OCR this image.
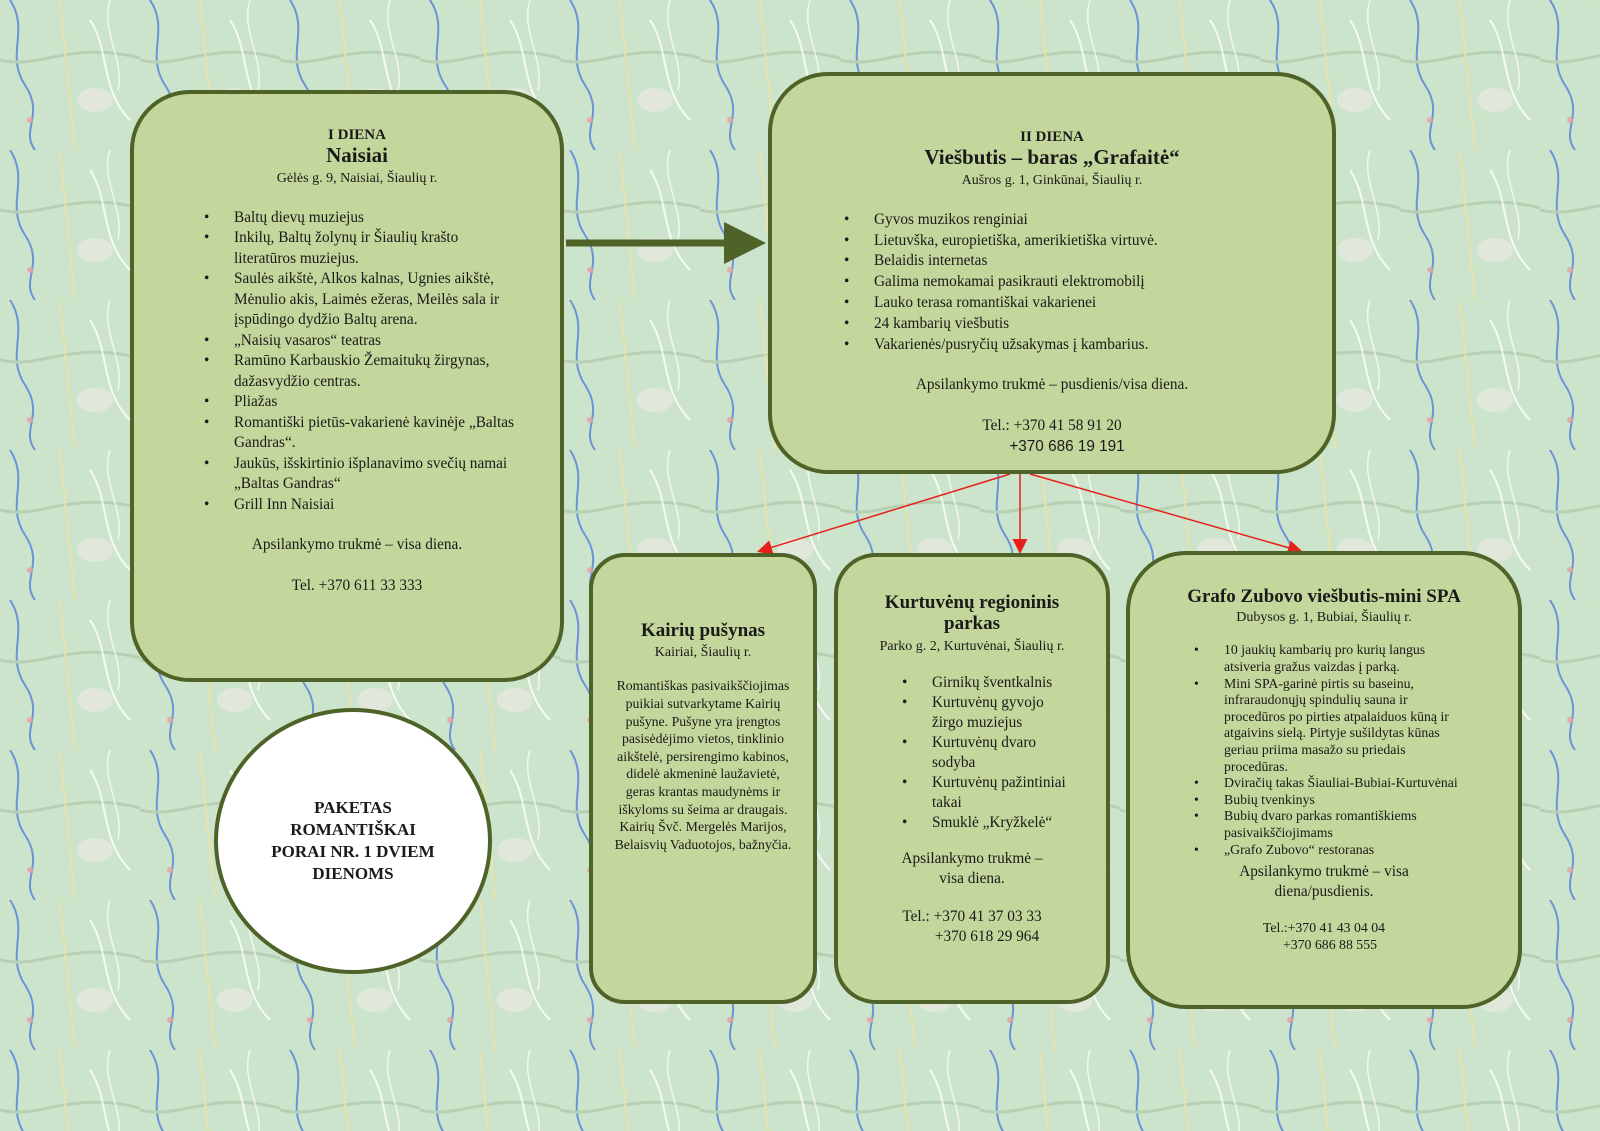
I DIENA
Naisiai
Gėlės g. 9, Naisiai, Šiaulių r.
• Baltų dievų muziejus
• Inkilų, Baltų žolynų ir Šiaulių krašto literatūros muziejus.
• Saulės aikštė, Alkos kalnas, Ugnies aikštė, Mėnulio akis, Laimės ežeras, Meilės sala ir įspūdingo dydžio Baltų arena.
• „Naisių vasaros“ teatras
• Ramūno Karbauskio Žemaitukų žirgynas, dažasvydžio centras.
• Pliažas
• Romantiški pietūs-vakarienė kavinėje „Baltas Gandras“.
• Jaukūs, išskirtinio išplanavimo svečių namai „Baltas Gandras“
• Grill Inn Naisiai

Apsilankymo trukmė – visa diena.

Tel. +370 611 33 333

II DIENA
Viešbutis – baras „Grafaitė“
Aušros g. 1, Ginkūnai, Šiaulių r.
• Gyvos muzikos renginiai
• Lietuvška, europietiška, amerikietiška virtuvė.
• Belaidis internetas
• Galima nemokamai pasikrauti elektromobilį
• Lauko terasa romantiškai vakarienei
• 24 kambarių viešbutis
• Vakarienės/pusryčių užsakymas į kambarius.

Apsilankymo trukmė – pusdienis/visa diena.

Tel.: +370 41 58 91 20

+370 686 19 191

Kairių pušynas
Kairiai, Šiaulių r.

Romantiškas pasivaikščiojimas puikiai sutvarkytame Kairių pušyne. Pušyne yra įrengtos pasisėdėjimo vietos, tinklinio aikštelė, persirengimo kabinos, didelė akmeninė laužavietė, geras krantas maudynėms ir iškyloms su šeima ar draugais.

Kairių Švč. Mergelės Marijos, Belaisvių Vaduotojos, bažnyčia.

Kurtuvėnų regioninis parkas
Parko g. 2, Kurtuvėnai, Šiaulių r.
• Girnikų šventkalnis
• Kurtuvėnų gyvojo žirgo muziejus
• Kurtuvėnų dvaro sodyba
• Kurtuvėnų pažintiniai takai
• Smuklė „Kryžkelė“

Apsilankymo trukmė – visa diena.

Tel.: +370 41 37 03 33

+370 618 29 964

Grafo Zubovo viešbutis-mini SPA
Dubysos g. 1, Bubiai, Šiaulių r.
• 10 jaukių kambarių pro kurių langus atsiveria gražus vaizdas į parką.
• Mini SPA-garinė pirtis su baseinu, infraraudonųjų spindulių sauna ir procedūros po pirties atpalaiduos kūną ir atgaivins sielą. Pirtyje sušildytas kūnas geriau priima masažo su priedais procedūras.
• Dviračių takas Šiauliai-Bubiai-Kurtuvėnai
• Bubių tvenkinys
• Bubių dvaro parkas romantiškiems pasivaikščiojimams
• „Grafo Zubovo“ restoranas

Apsilankymo trukmė – visa diena/pusdienis.

Tel.:+370 41 43 04 04

+370 686 88 555

PAKETAS ROMANTIŠKAI PORAI NR. 1 DVIEM DIENOMS
